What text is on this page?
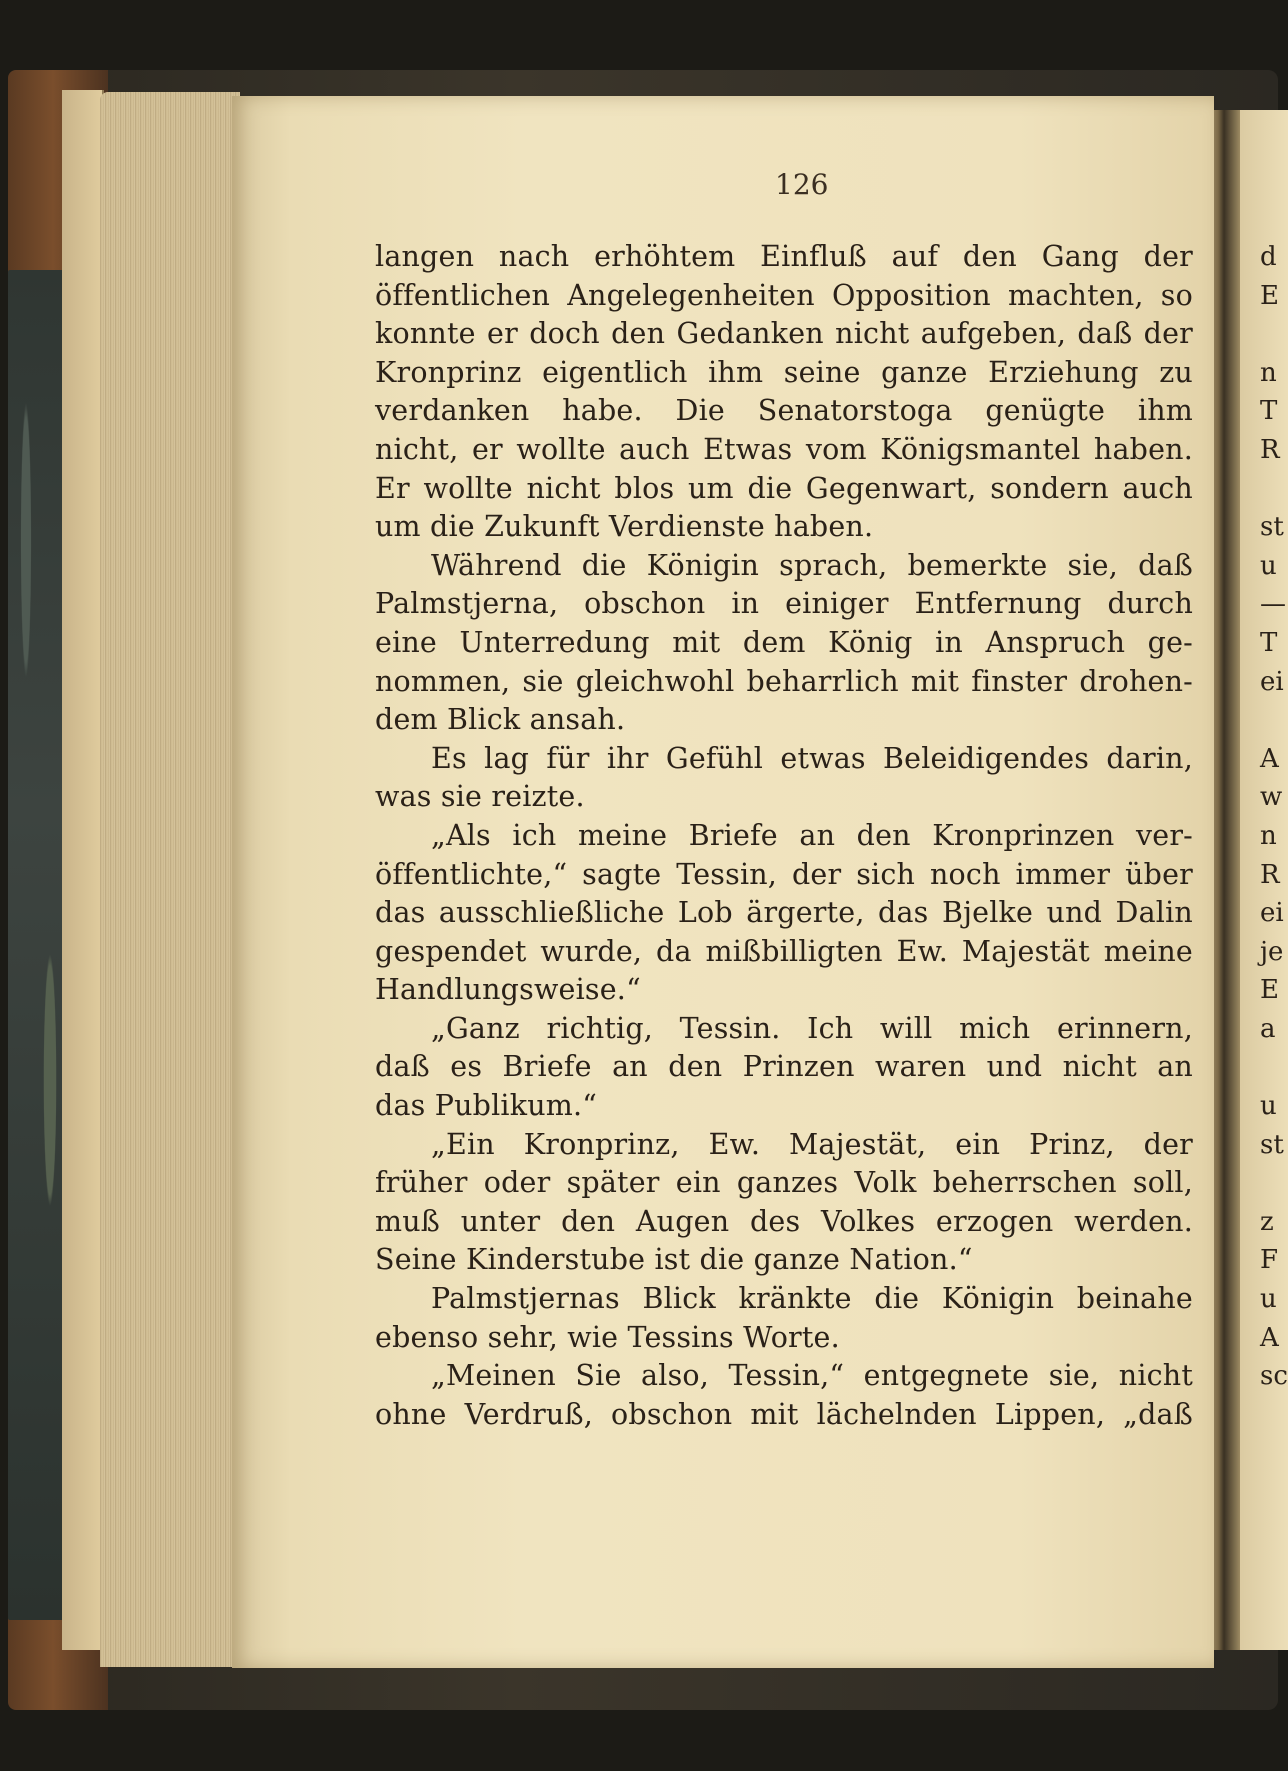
126
langen nach erhöhtem Einfluß auf den Gang der
öffentlichen Angelegenheiten Opposition machten, so
konnte er doch den Gedanken nicht aufgeben, daß der
Kronprinz eigentlich ihm seine ganze Erziehung zu
verdanken habe. Die Senatorstoga genügte ihm
nicht, er wollte auch Etwas vom Königsmantel haben.
Er wollte nicht blos um die Gegenwart, sondern auch
um die Zukunft Verdienste haben.
Während die Königin sprach, bemerkte sie, daß
Palmstjerna, obschon in einiger Entfernung durch
eine Unterredung mit dem König in Anspruch ge-
nommen, sie gleichwohl beharrlich mit finster drohen-
dem Blick ansah.
Es lag für ihr Gefühl etwas Beleidigendes darin,
was sie reizte.
„Als ich meine Briefe an den Kronprinzen ver-
öffentlichte,“ sagte Tessin, der sich noch immer über
das ausschließliche Lob ärgerte, das Bjelke und Dalin
gespendet wurde, da mißbilligten Ew. Majestät meine
Handlungsweise.“
„Ganz richtig, Tessin. Ich will mich erinnern,
daß es Briefe an den Prinzen waren und nicht an
das Publikum.“
„Ein Kronprinz, Ew. Majestät, ein Prinz, der
früher oder später ein ganzes Volk beherrschen soll,
muß unter den Augen des Volkes erzogen werden.
Seine Kinderstube ist die ganze Nation.“
Palmstjernas Blick kränkte die Königin beinahe
ebenso sehr, wie Tessins Worte.
„Meinen Sie also, Tessin,“ entgegnete sie, nicht
ohne Verdruß, obschon mit lächelnden Lippen, „daß
d
E
n
T
R
st
u
—
T
ei
A
w
n
R
ei
je
E
a
u
st
z
F
u
A
sc
